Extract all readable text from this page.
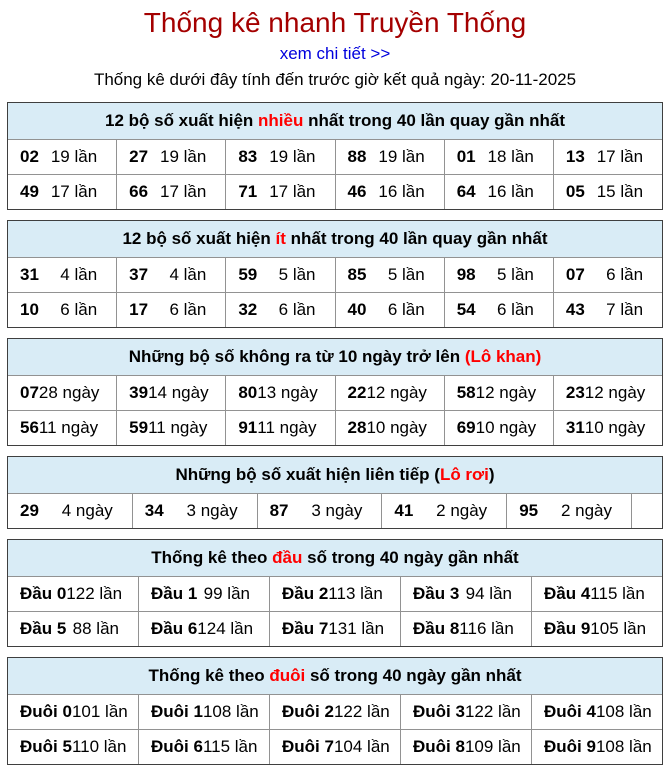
Thống kê nhanh Truyền Thống
xem chi tiết >>

Thống kê dưới đây tính đến trước giờ kết quả ngày: 20-11-2025

12 bộ số xuất hiện nhiều nhất trong 40 lần quay gần nhất
02 19 lần 27 19 lần 83 19 lần 88 19 lần 01 18 lần 13 17 lần
49 17 lần 66 17 lần 71 17 lần 46 16 lần 64 16 lần 05 15 lần
12 bộ số xuất hiện ít nhất trong 40 lần quay gần nhất
31 4 lần 37 4 lần 59 5 lần 85 5 lần 98 5 lần 07 6 lần
10 6 lần 17 6 lần 32 6 lần 40 6 lần 54 6 lần 43 7 lần
Những bộ số không ra từ 10 ngày trở lên (Lô khan)
07 28 ngày 39 14 ngày 80 13 ngày 22 12 ngày 58 12 ngày 23 12 ngày
56 11 ngày 59 11 ngày 91 11 ngày 28 10 ngày 69 10 ngày 31 10 ngày
Những bộ số xuất hiện liên tiếp (Lô rơi)
29 4 ngày 34 3 ngày 87 3 ngày 41 2 ngày 95 2 ngày
Thống kê theo đầu số trong 40 ngày gần nhất
Đầu 0 122 lần Đầu 1 99 lần Đầu 2 113 lần Đầu 3 94 lần Đầu 4 115 lần
Đầu 5 88 lần Đầu 6 124 lần Đầu 7 131 lần Đầu 8 116 lần Đầu 9 105 lần
Thống kê theo đuôi số trong 40 ngày gần nhất
Đuôi 0 101 lần Đuôi 1 108 lần Đuôi 2 122 lần Đuôi 3 122 lần Đuôi 4 108 lần
Đuôi 5 110 lần Đuôi 6 115 lần Đuôi 7 104 lần Đuôi 8 109 lần Đuôi 9 108 lần
